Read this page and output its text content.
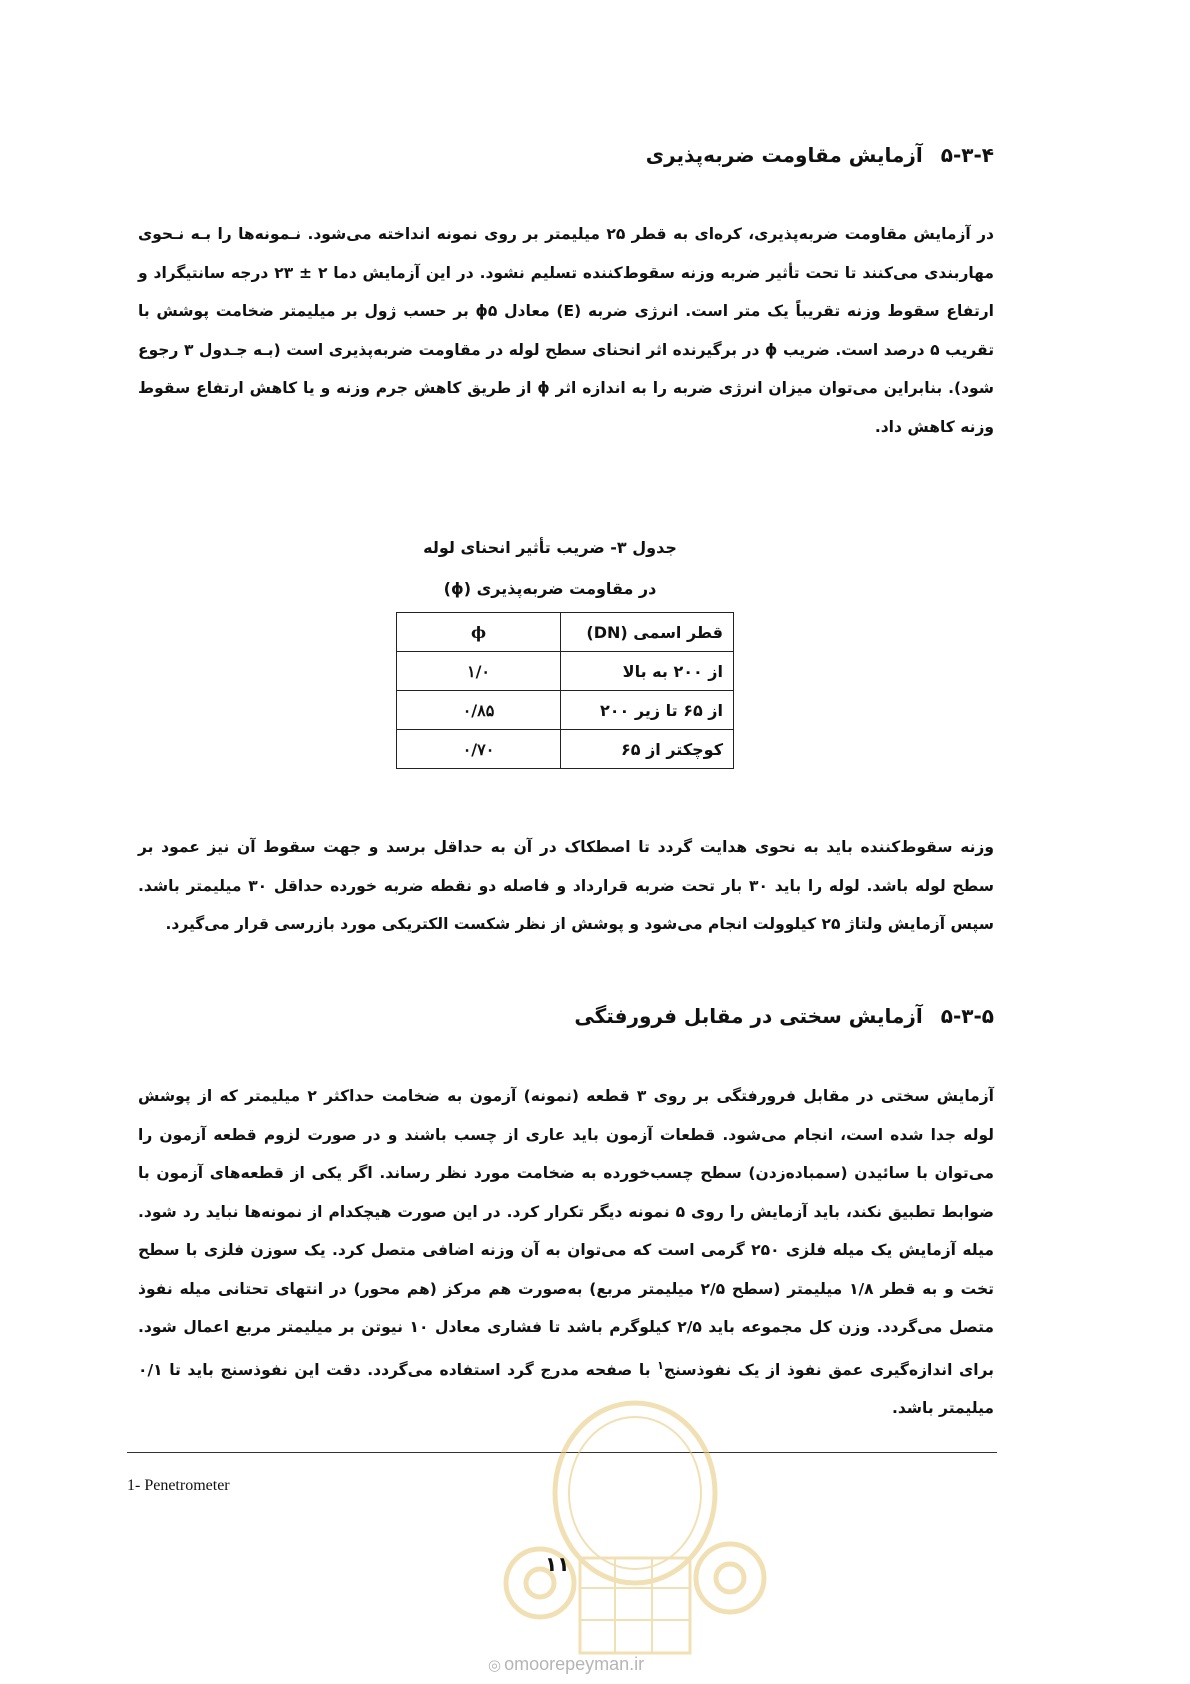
۵-۳-۴آزمایش مقاومت ضربه‌پذیری

در آزمایش مقاومت ضربه‌پذیری، کره‌ای به قطر ۲۵ میلیمتر بر روی نمونه انداخته می‌شود. نـمونه‌ها را بـه نـحوی مهاربندی می‌کنند تا تحت تأثیر ضربه وزنه سقوط‌کننده تسلیم نشود. در این آزمایش دما ۲ ± ۲۳ درجه سانتیگراد و ارتفاع سقوط وزنه تقریباً یک متر است. انرژی ضربه (E) معادل ϕ۵ بر حسب ژول بر میلیمتر ضخامت پوشش با تقریب ۵ درصد است. ضریب ϕ در برگیرنده اثر انحنای سطح لوله در مقاومت ضربه‌پذیری است (بـه جـدول ۳ رجوع شود). بنابراین می‌توان میزان انرژی ضربه را به اندازه اثر ϕ از طریق کاهش جرم وزنه و یا کاهش ارتفاع سقوط وزنه کاهش داد.

جدول ۳- ضریب تأثیر انحنای لوله
در مقاومت ضربه‌پذیری (ϕ)
قطر اسمی (DN)	ϕ
از ۲۰۰ به بالا	۱/۰
از ۶۵ تا زیر ۲۰۰	۰/۸۵
کوچکتر از ۶۵	۰/۷۰

وزنه سقوط‌کننده باید به نحوی هدایت گردد تا اصطکاک در آن به حداقل برسد و جهت سقوط آن نیز عمود بر سطح لوله باشد. لوله را باید ۳۰ بار تحت ضربه قرارداد و فاصله دو نقطه ضربه خورده حداقل ۳۰ میلیمتر باشد. سپس آزمایش ولتاژ ۲۵ کیلوولت انجام می‌شود و پوشش از نظر شکست الکتریکی مورد بازرسی قرار می‌گیرد.

۵-۳-۵آزمایش سختی در مقابل فرورفتگی

آزمایش سختی در مقابل فرورفتگی بر روی ۳ قطعه (نمونه) آزمون به ضخامت حداکثر ۲ میلیمتر که از پوشش لوله جدا شده است، انجام می‌شود. قطعات آزمون باید عاری از چسب باشند و در صورت لزوم قطعه آزمون را می‌توان با سائیدن (سمباده‌زدن) سطح چسب‌خورده به ضخامت مورد نظر رساند. اگر یکی از قطعه‌های آزمون با ضوابط تطبیق نکند، باید آزمایش را روی ۵ نمونه دیگر تکرار کرد. در این صورت هیچکدام از نمونه‌ها نباید رد شود. میله آزمایش یک میله فلزی ۲۵۰ گرمی است که می‌توان به آن وزنه اضافی متصل کرد. یک سوزن فلزی با سطح تخت و به قطر ۱/۸ میلیمتر (سطح ۲/۵ میلیمتر مربع) به‌صورت هم مرکز (هم محور) در انتهای تحتانی میله نفوذ متصل می‌گردد. وزن کل مجموعه باید ۲/۵ کیلوگرم باشد تا فشاری معادل ۱۰ نیوتن بر میلیمتر مربع اعمال شود. برای اندازه‌گیری عمق نفوذ از یک نفوذسنج$^۱$ با صفحه مدرج گرد استفاده می‌گردد. دقت این نفوذسنج باید تا ۰/۱ میلیمتر باشد.

1- Penetrometer
۱۱
◎ omoorepeyman.ir
